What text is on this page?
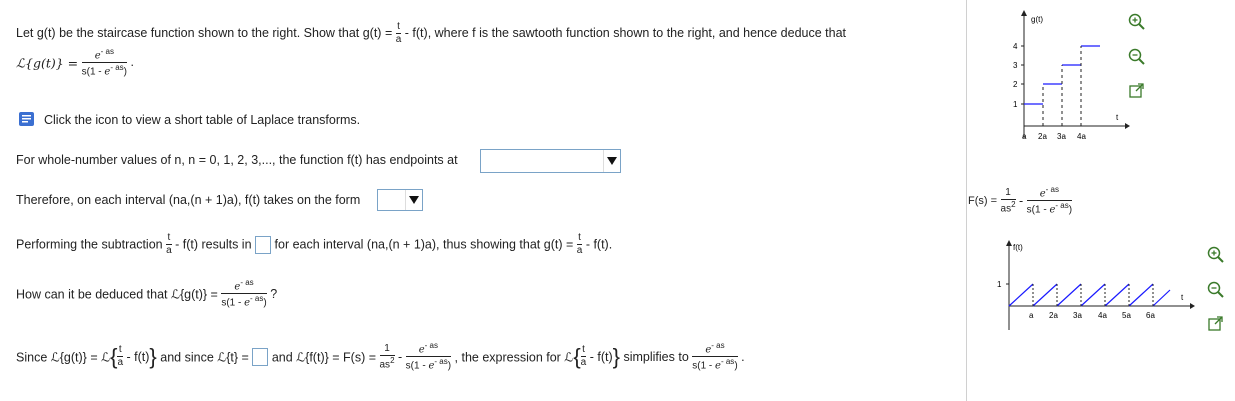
Let g(t) be the staircase function shown to the right. Show that $g(t) = \frac{t}{a} - f(t)$, where f is the sawtooth function shown to the right, and hence deduce that
ℒ{g(t)} = $\frac{e^{- as}}{s(1 - e^{- as})}$ .
Click the icon to view a short table of Laplace transforms.
For whole-number values of n, n = 0, 1, 2, 3,..., the function f(t) has endpoints at
Therefore, on each interval (na,(n + 1)a), f(t) takes on the form
Performing the subtraction $\frac{t}{a} - f(t)$ results in for each interval (na,(n + 1)a), thus showing that $g(t) = \frac{t}{a} - f(t)$.
How can it be deduced that ℒ{g(t)} = $\frac{e^{- as}}{s(1 - e^{- as})}$ ?
Since ℒ{g(t)} = ℒ{ $\frac{t}{a} - f(t)$} and since ℒ{t} = and ℒ{f(t)} = $F(s) = \frac{1}{as^2} - \frac{e^{- as}}{s(1 - e^{- as})}$ , the expression for ℒ{ $\frac{t}{a} - f(t)$} simplifies to $\frac{e^{- as}}{s(1 - e^{- as})}$ .
g(t)
t
4
3
2
1
a 2a 3a 4a
$F(s) = \frac{1}{as^2} - \frac{e^{- as}}{s(1 - e^{- as})}$
f(t)
t
1
a 2a 3a 4a 5a 6a
